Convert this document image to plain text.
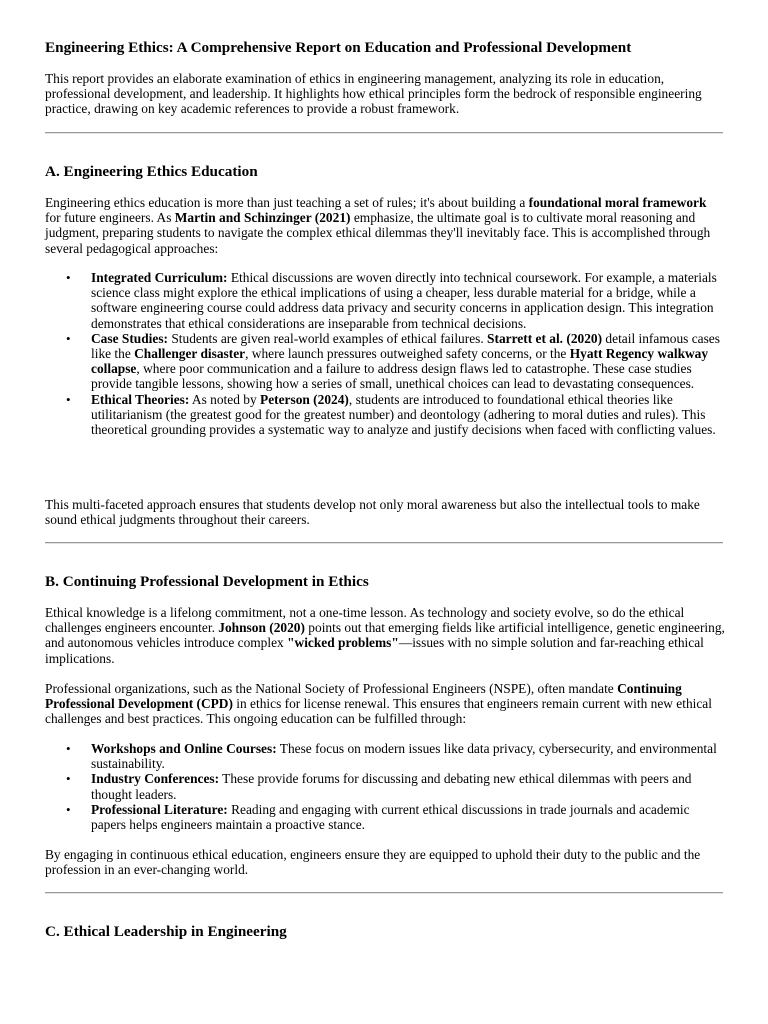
Engineering Ethics: A Comprehensive Report on Education and Professional Development

This report provides an elaborate examination of ethics in engineering management, analyzing its role in education, professional development, and leadership. It highlights how ethical principles form the bedrock of responsible engineering practice, drawing on key academic references to provide a robust framework.

A. Engineering Ethics Education

Engineering ethics education is more than just teaching a set of rules; it's about building a foundational moral framework for future engineers. As Martin and Schinzinger (2021) emphasize, the ultimate goal is to cultivate moral reasoning and judgment, preparing students to navigate the complex ethical dilemmas they'll inevitably face. This is accomplished through several pedagogical approaches:

• Integrated Curriculum: Ethical discussions are woven directly into technical coursework. For example, a materials science class might explore the ethical implications of using a cheaper, less durable material for a bridge, while a software engineering course could address data privacy and security concerns in application design. This integration demonstrates that ethical considerations are inseparable from technical decisions.
• Case Studies: Students are given real-world examples of ethical failures. Starrett et al. (2020) detail infamous cases like the Challenger disaster, where launch pressures outweighed safety concerns, or the Hyatt Regency walkway collapse, where poor communication and a failure to address design flaws led to catastrophe. These case studies provide tangible lessons, showing how a series of small, unethical choices can lead to devastating consequences.
• Ethical Theories: As noted by Peterson (2024), students are introduced to foundational ethical theories like utilitarianism (the greatest good for the greatest number) and deontology (adhering to moral duties and rules). This theoretical grounding provides a systematic way to analyze and justify decisions when faced with conflicting values.

This multi-faceted approach ensures that students develop not only moral awareness but also the intellectual tools to make sound ethical judgments throughout their careers.

B. Continuing Professional Development in Ethics

Ethical knowledge is a lifelong commitment, not a one-time lesson. As technology and society evolve, so do the ethical challenges engineers encounter. Johnson (2020) points out that emerging fields like artificial intelligence, genetic engineering, and autonomous vehicles introduce complex "wicked problems"—issues with no simple solution and far-reaching ethical implications.

Professional organizations, such as the National Society of Professional Engineers (NSPE), often mandate Continuing Professional Development (CPD) in ethics for license renewal. This ensures that engineers remain current with new ethical challenges and best practices. This ongoing education can be fulfilled through:

• Workshops and Online Courses: These focus on modern issues like data privacy, cybersecurity, and environmental sustainability.
• Industry Conferences: These provide forums for discussing and debating new ethical dilemmas with peers and thought leaders.
• Professional Literature: Reading and engaging with current ethical discussions in trade journals and academic papers helps engineers maintain a proactive stance.

By engaging in continuous ethical education, engineers ensure they are equipped to uphold their duty to the public and the profession in an ever-changing world.

C. Ethical Leadership in Engineering
